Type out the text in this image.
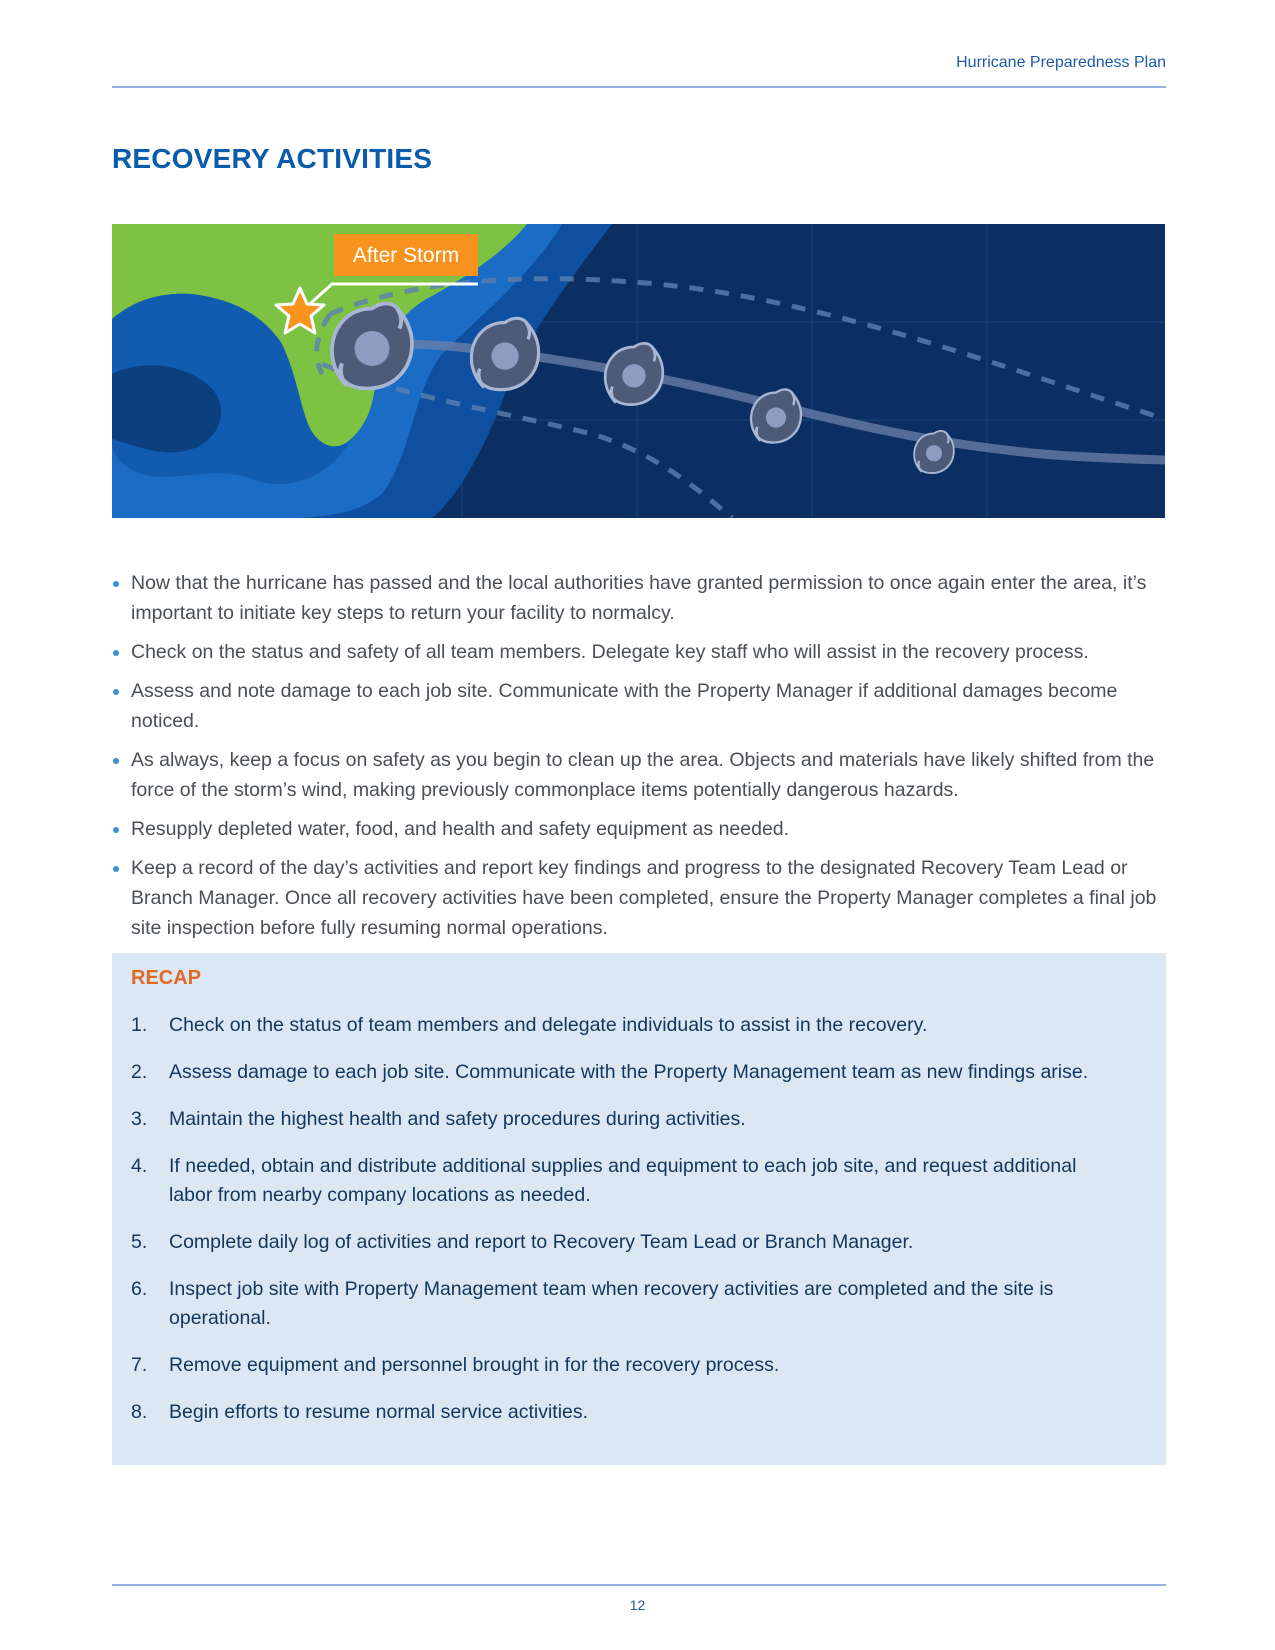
Hurricane Preparedness Plan
RECOVERY ACTIVITIES
After Storm
Now that the hurricane has passed and the local authorities have granted permission to once again enter the area, it’s important to initiate key steps to return your facility to normalcy.
Check on the status and safety of all team members. Delegate key staff who will assist in the recovery process.
Assess and note damage to each job site. Communicate with the Property Manager if additional damages become noticed.
As always, keep a focus on safety as you begin to clean up the area. Objects and materials have likely shifted from the force of the storm’s wind, making previously commonplace items potentially dangerous hazards.
Resupply depleted water, food, and health and safety equipment as needed.
Keep a record of the day’s activities and report key findings and progress to the designated Recovery Team Lead or Branch Manager. Once all recovery activities have been completed, ensure the Property Manager completes a final job site inspection before fully resuming normal operations.
RECAP
1. Check on the status of team members and delegate individuals to assist in the recovery.
2. Assess damage to each job site. Communicate with the Property Management team as new findings arise.
3. Maintain the highest health and safety procedures during activities.
4. If needed, obtain and distribute additional supplies and equipment to each job site, and request additional labor from nearby company locations as needed.
5. Complete daily log of activities and report to Recovery Team Lead or Branch Manager.
6. Inspect job site with Property Management team when recovery activities are completed and the site is operational.
7. Remove equipment and personnel brought in for the recovery process.
8. Begin efforts to resume normal service activities.
12
